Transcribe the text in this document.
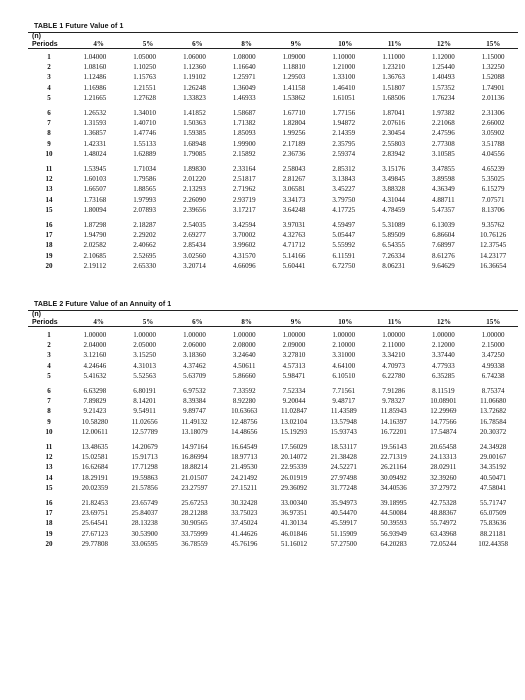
TABLE 1 Future Value of 1
(n)
Periods	4%	5%	6%	8%	9%	10%	11%	12%	15%
1	1.04000	1.05000	1.06000	1.08000	1.09000	1.10000	1.11000	1.12000	1.15000
2	1.08160	1.10250	1.12360	1.16640	1.18810	1.21000	1.23210	1.25440	1.32250
3	1.12486	1.15763	1.19102	1.25971	1.29503	1.33100	1.36763	1.40493	1.52088
4	1.16986	1.21551	1.26248	1.36049	1.41158	1.46410	1.51807	1.57352	1.74901
5	1.21665	1.27628	1.33823	1.46933	1.53862	1.61051	1.68506	1.76234	2.01136
6	1.26532	1.34010	1.41852	1.58687	1.67710	1.77156	1.87041	1.97382	2.31306
7	1.31593	1.40710	1.50363	1.71382	1.82804	1.94872	2.07616	2.21068	2.66002
8	1.36857	1.47746	1.59385	1.85093	1.99256	2.14359	2.30454	2.47596	3.05902
9	1.42331	1.55133	1.68948	1.99900	2.17189	2.35795	2.55803	2.77308	3.51788
10	1.48024	1.62889	1.79085	2.15892	2.36736	2.59374	2.83942	3.10585	4.04556
11	1.53945	1.71034	1.89830	2.33164	2.58043	2.85312	3.15176	3.47855	4.65239
12	1.60103	1.79586	2.01220	2.51817	2.81267	3.13843	3.49845	3.89598	5.35025
13	1.66507	1.88565	2.13293	2.71962	3.06581	3.45227	3.88328	4.36349	6.15279
14	1.73168	1.97993	2.26090	2.93719	3.34173	3.79750	4.31044	4.88711	7.07571
15	1.80094	2.07893	2.39656	3.17217	3.64248	4.17725	4.78459	5.47357	8.13706
16	1.87298	2.18287	2.54035	3.42594	3.97031	4.59497	5.31089	6.13039	9.35762
17	1.94790	2.29202	2.69277	3.70002	4.32763	5.05447	5.89509	6.86604	10.76126
18	2.02582	2.40662	2.85434	3.99602	4.71712	5.55992	6.54355	7.68997	12.37545
19	2.10685	2.52695	3.02560	4.31570	5.14166	6.11591	7.26334	8.61276	14.23177
20	2.19112	2.65330	3.20714	4.66096	5.60441	6.72750	8.06231	9.64629	16.36654
TABLE 2 Future Value of an Annuity of 1
(n)
Periods	4%	5%	6%	8%	9%	10%	11%	12%	15%
1	1.00000	1.00000	1.00000	1.00000	1.00000	1.00000	1.00000	1.00000	1.00000
2	2.04000	2.05000	2.06000	2.08000	2.09000	2.10000	2.11000	2.12000	2.15000
3	3.12160	3.15250	3.18360	3.24640	3.27810	3.31000	3.34210	3.37440	3.47250
4	4.24646	4.31013	4.37462	4.50611	4.57313	4.64100	4.70973	4.77933	4.99338
5	5.41632	5.52563	5.63709	5.86660	5.98471	6.10510	6.22780	6.35285	6.74238
6	6.63298	6.80191	6.97532	7.33592	7.52334	7.71561	7.91286	8.11519	8.75374
7	7.89829	8.14201	8.39384	8.92280	9.20044	9.48717	9.78327	10.08901	11.06680
8	9.21423	9.54911	9.89747	10.63663	11.02847	11.43589	11.85943	12.29969	13.72682
9	10.58280	11.02656	11.49132	12.48756	13.02104	13.57948	14.16397	14.77566	16.78584
10	12.00611	12.57789	13.18079	14.48656	15.19293	15.93743	16.72201	17.54874	20.30372
11	13.48635	14.20679	14.97164	16.64549	17.56029	18.53117	19.56143	20.65458	24.34928
12	15.02581	15.91713	16.86994	18.97713	20.14072	21.38428	22.71319	24.13313	29.00167
13	16.62684	17.71298	18.88214	21.49530	22.95339	24.52271	26.21164	28.02911	34.35192
14	18.29191	19.59863	21.01507	24.21492	26.01919	27.97498	30.09492	32.39260	40.50471
15	20.02359	21.57856	23.27597	27.15211	29.36092	31.77248	34.40536	37.27972	47.58041
16	21.82453	23.65749	25.67253	30.32428	33.00340	35.94973	39.18995	42.75328	55.71747
17	23.69751	25.84037	28.21288	33.75023	36.97351	40.54470	44.50084	48.88367	65.07509
18	25.64541	28.13238	30.90565	37.45024	41.30134	45.59917	50.39593	55.74972	75.83636
19	27.67123	30.53900	33.75999	41.44626	46.01846	51.15909	56.93949	63.43968	88.21181
20	29.77808	33.06595	36.78559	45.76196	51.16012	57.27500	64.20283	72.05244	102.44358
